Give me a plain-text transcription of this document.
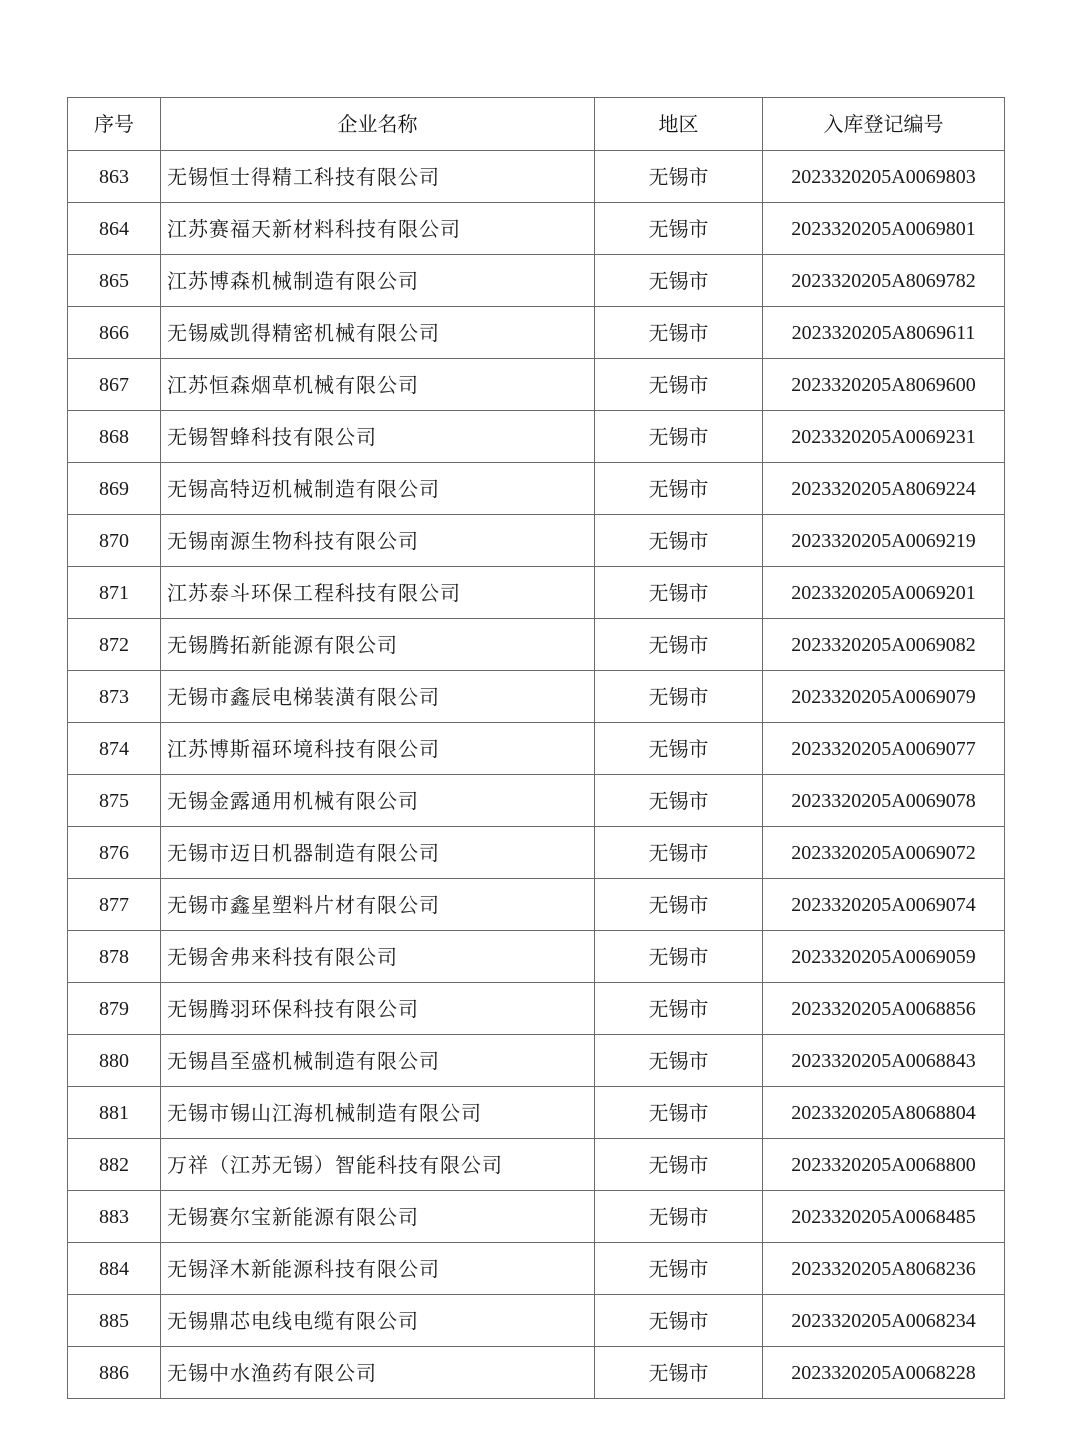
序号	企业名称	地区	入库登记编号
863	无锡恒士得精工科技有限公司	无锡市	2023320205A0069803
864	江苏赛福天新材料科技有限公司	无锡市	2023320205A0069801
865	江苏博森机械制造有限公司	无锡市	2023320205A8069782
866	无锡威凯得精密机械有限公司	无锡市	2023320205A8069611
867	江苏恒森烟草机械有限公司	无锡市	2023320205A8069600
868	无锡智蜂科技有限公司	无锡市	2023320205A0069231
869	无锡高特迈机械制造有限公司	无锡市	2023320205A8069224
870	无锡南源生物科技有限公司	无锡市	2023320205A0069219
871	江苏泰斗环保工程科技有限公司	无锡市	2023320205A0069201
872	无锡腾拓新能源有限公司	无锡市	2023320205A0069082
873	无锡市鑫辰电梯装潢有限公司	无锡市	2023320205A0069079
874	江苏博斯福环境科技有限公司	无锡市	2023320205A0069077
875	无锡金露通用机械有限公司	无锡市	2023320205A0069078
876	无锡市迈日机器制造有限公司	无锡市	2023320205A0069072
877	无锡市鑫星塑料片材有限公司	无锡市	2023320205A0069074
878	无锡舍弗来科技有限公司	无锡市	2023320205A0069059
879	无锡腾羽环保科技有限公司	无锡市	2023320205A0068856
880	无锡昌至盛机械制造有限公司	无锡市	2023320205A0068843
881	无锡市锡山江海机械制造有限公司	无锡市	2023320205A8068804
882	万祥（江苏无锡）智能科技有限公司	无锡市	2023320205A0068800
883	无锡赛尔宝新能源有限公司	无锡市	2023320205A0068485
884	无锡泽木新能源科技有限公司	无锡市	2023320205A8068236
885	无锡鼎芯电线电缆有限公司	无锡市	2023320205A0068234
886	无锡中水渔药有限公司	无锡市	2023320205A0068228
